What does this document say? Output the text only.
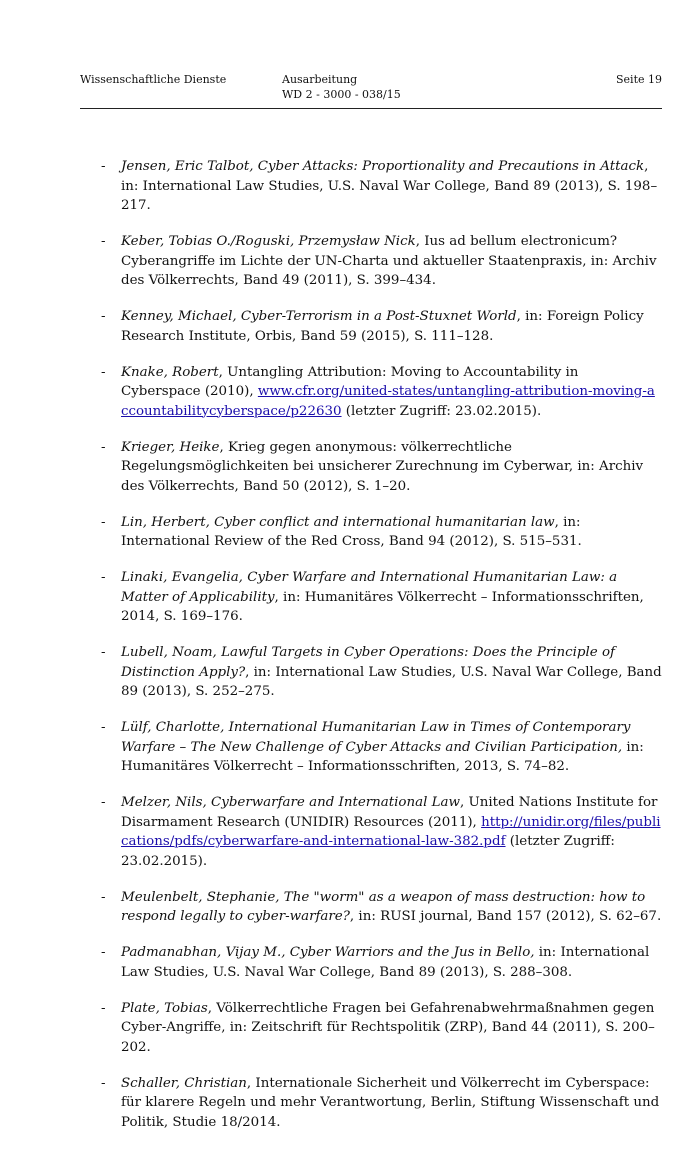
Wissenschaftliche Dienste	Ausarbeitung
WD 2 - 3000 - 038/15
Seite 19
- Jensen, Eric Talbot, Cyber Attacks: Proportionality and Precautions in Attack, in: International Law Studies, U.S. Naval War College, Band 89 (2013), S. 198–217.
- Keber, Tobias O./Roguski, Przemysław Nick, Ius ad bellum electronicum? Cyberangriffe im Lichte der UN-Charta und aktueller Staatenpraxis, in: Archiv des Völkerrechts, Band 49 (2011), S. 399–434.
- Kenney, Michael, Cyber-Terrorism in a Post-Stuxnet World, in: Foreign Policy Research Institute, Orbis, Band 59 (2015), S. 111–128.
- Knake, Robert, Untangling Attribution: Moving to Accountability in Cyberspace (2010), www.cfr.org/united-states/untangling-attribution-moving-accountabilitycyberspace/p22630 (letzter Zugriff: 23.02.2015).
- Krieger, Heike, Krieg gegen anonymous: völkerrechtliche Regelungsmöglichkeiten bei unsicherer Zurechnung im Cyberwar, in: Archiv des Völkerrechts, Band 50 (2012), S. 1–20.
- Lin, Herbert, Cyber conflict and international humanitarian law, in: International Review of the Red Cross, Band 94 (2012), S. 515–531.
- Linaki, Evangelia, Cyber Warfare and International Humanitarian Law: a Matter of Applicability, in: Humanitäres Völkerrecht – Informationsschriften, 2014, S. 169–176.
- Lubell, Noam, Lawful Targets in Cyber Operations: Does the Principle of Distinction Apply?, in: International Law Studies, U.S. Naval War College, Band 89 (2013), S. 252–275.
- Lülf, Charlotte, International Humanitarian Law in Times of Contemporary Warfare – The New Challenge of Cyber Attacks and Civilian Participation, in: Humanitäres Völkerrecht – Informationsschriften, 2013, S. 74–82.
- Melzer, Nils, Cyberwarfare and International Law, United Nations Institute for Disarmament Research (UNIDIR) Resources (2011), http://unidir.org/files/publications/pdfs/cyberwarfare-and-international-law-382.pdf (letzter Zugriff: 23.02.2015).
- Meulenbelt, Stephanie, The "worm" as a weapon of mass destruction: how to respond legally to cyber-warfare?, in: RUSI journal, Band 157 (2012), S. 62–67.
- Padmanabhan, Vijay M., Cyber Warriors and the Jus in Bello, in: International Law Studies, U.S. Naval War College, Band 89 (2013), S. 288–308.
- Plate, Tobias, Völkerrechtliche Fragen bei Gefahrenabwehrmaßnahmen gegen Cyber-Angriffe, in: Zeitschrift für Rechtspolitik (ZRP), Band 44 (2011), S. 200–202.
- Schaller, Christian, Internationale Sicherheit und Völkerrecht im Cyberspace: für klarere Regeln und mehr Verantwortung, Berlin, Stiftung Wissenschaft und Politik, Studie 18/2014.
